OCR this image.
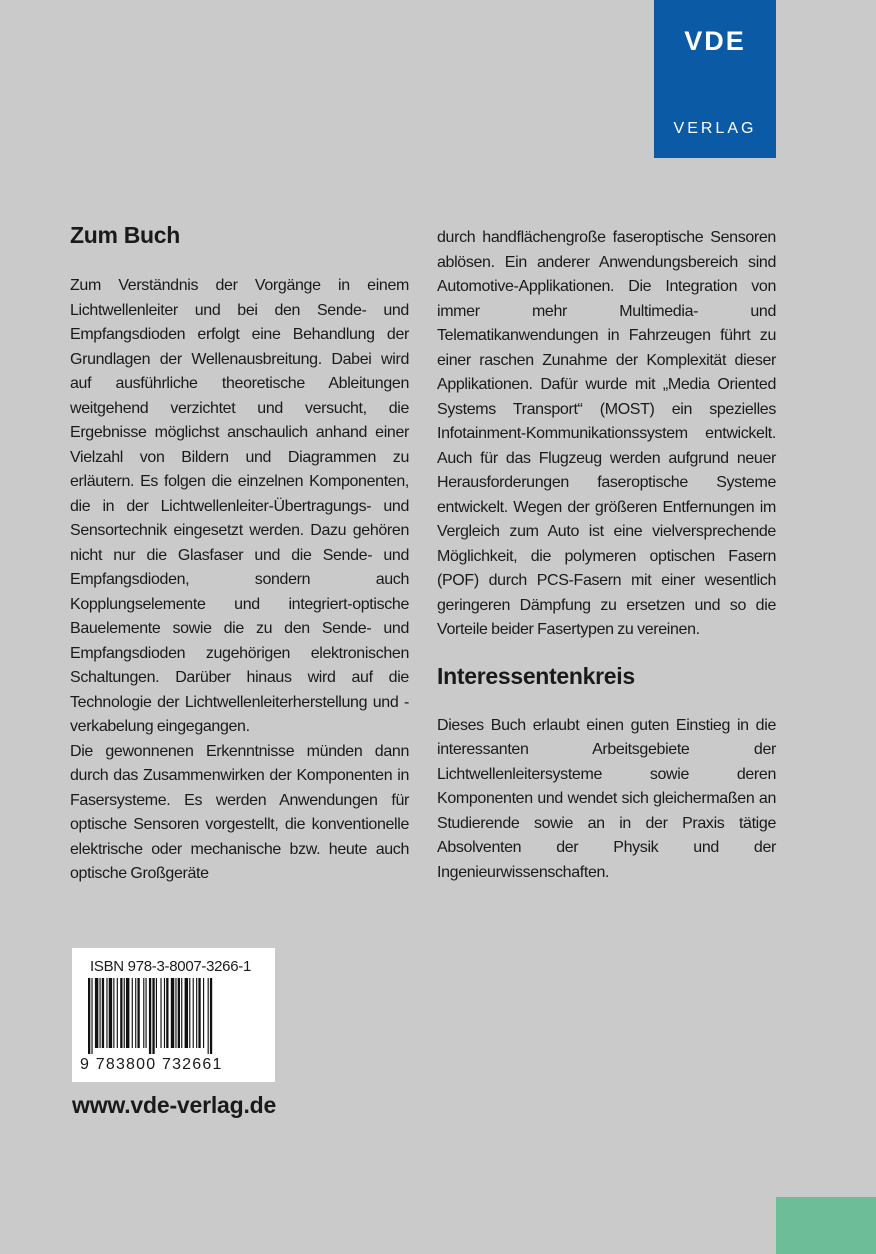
VDE
VERLAG
Zum Buch

Zum Verständnis der Vorgänge in einem Lichtwellenleiter und bei den Sende- und Empfangsdioden erfolgt eine Behandlung der Grundlagen der Wellenausbreitung. Dabei wird auf ausführliche theoretische Ableitungen weitgehend verzichtet und versucht, die Ergebnisse möglichst anschaulich anhand einer Vielzahl von Bildern und Diagrammen zu erläutern. Es folgen die einzelnen Komponenten, die in der Lichtwellenleiter-Übertragungs- und Sensortechnik eingesetzt werden. Dazu gehören nicht nur die Glasfaser und die Sende- und Empfangsdioden, sondern auch Kopplungselemente und integriert-optische Bauelemente sowie die zu den Sende- und Empfangsdioden zugehörigen elektronischen Schaltungen. Darüber hinaus wird auf die Technologie der Lichtwellenleiterherstellung und -verkabelung eingegangen.

Die gewonnenen Erkenntnisse münden dann durch das Zusammenwirken der Komponenten in Fasersysteme. Es werden Anwendungen für optische Sensoren vorgestellt, die konventionelle elektrische oder mechanische bzw. heute auch optische Großgeräte

durch handflächengroße faseroptische Sensoren ablösen. Ein anderer Anwendungsbereich sind Automotive-Applikationen. Die Integration von immer mehr Multimedia- und Telematikanwendungen in Fahrzeugen führt zu einer raschen Zunahme der Komplexität dieser Applikationen. Dafür wurde mit „Media Oriented Systems Transport“ (MOST) ein spezielles Infotainment-Kommunikationssystem entwickelt. Auch für das Flugzeug werden aufgrund neuer Herausforderungen faseroptische Systeme entwickelt. Wegen der größeren Entfernungen im Vergleich zum Auto ist eine vielversprechende Möglichkeit, die polymeren optischen Fasern (POF) durch PCS-Fasern mit einer wesentlich geringeren Dämpfung zu ersetzen und so die Vorteile beider Fasertypen zu vereinen.

Interessentenkreis

Dieses Buch erlaubt einen guten Einstieg in die interessanten Arbeitsgebiete der Lichtwellenleitersysteme sowie deren Komponenten und wendet sich gleichermaßen an Studierende sowie an in der Praxis tätige Absolventen der Physik und der Ingenieurwissenschaften.

ISBN 978-3-8007-3266-1
9 783800 732661
www.vde-verlag.de
